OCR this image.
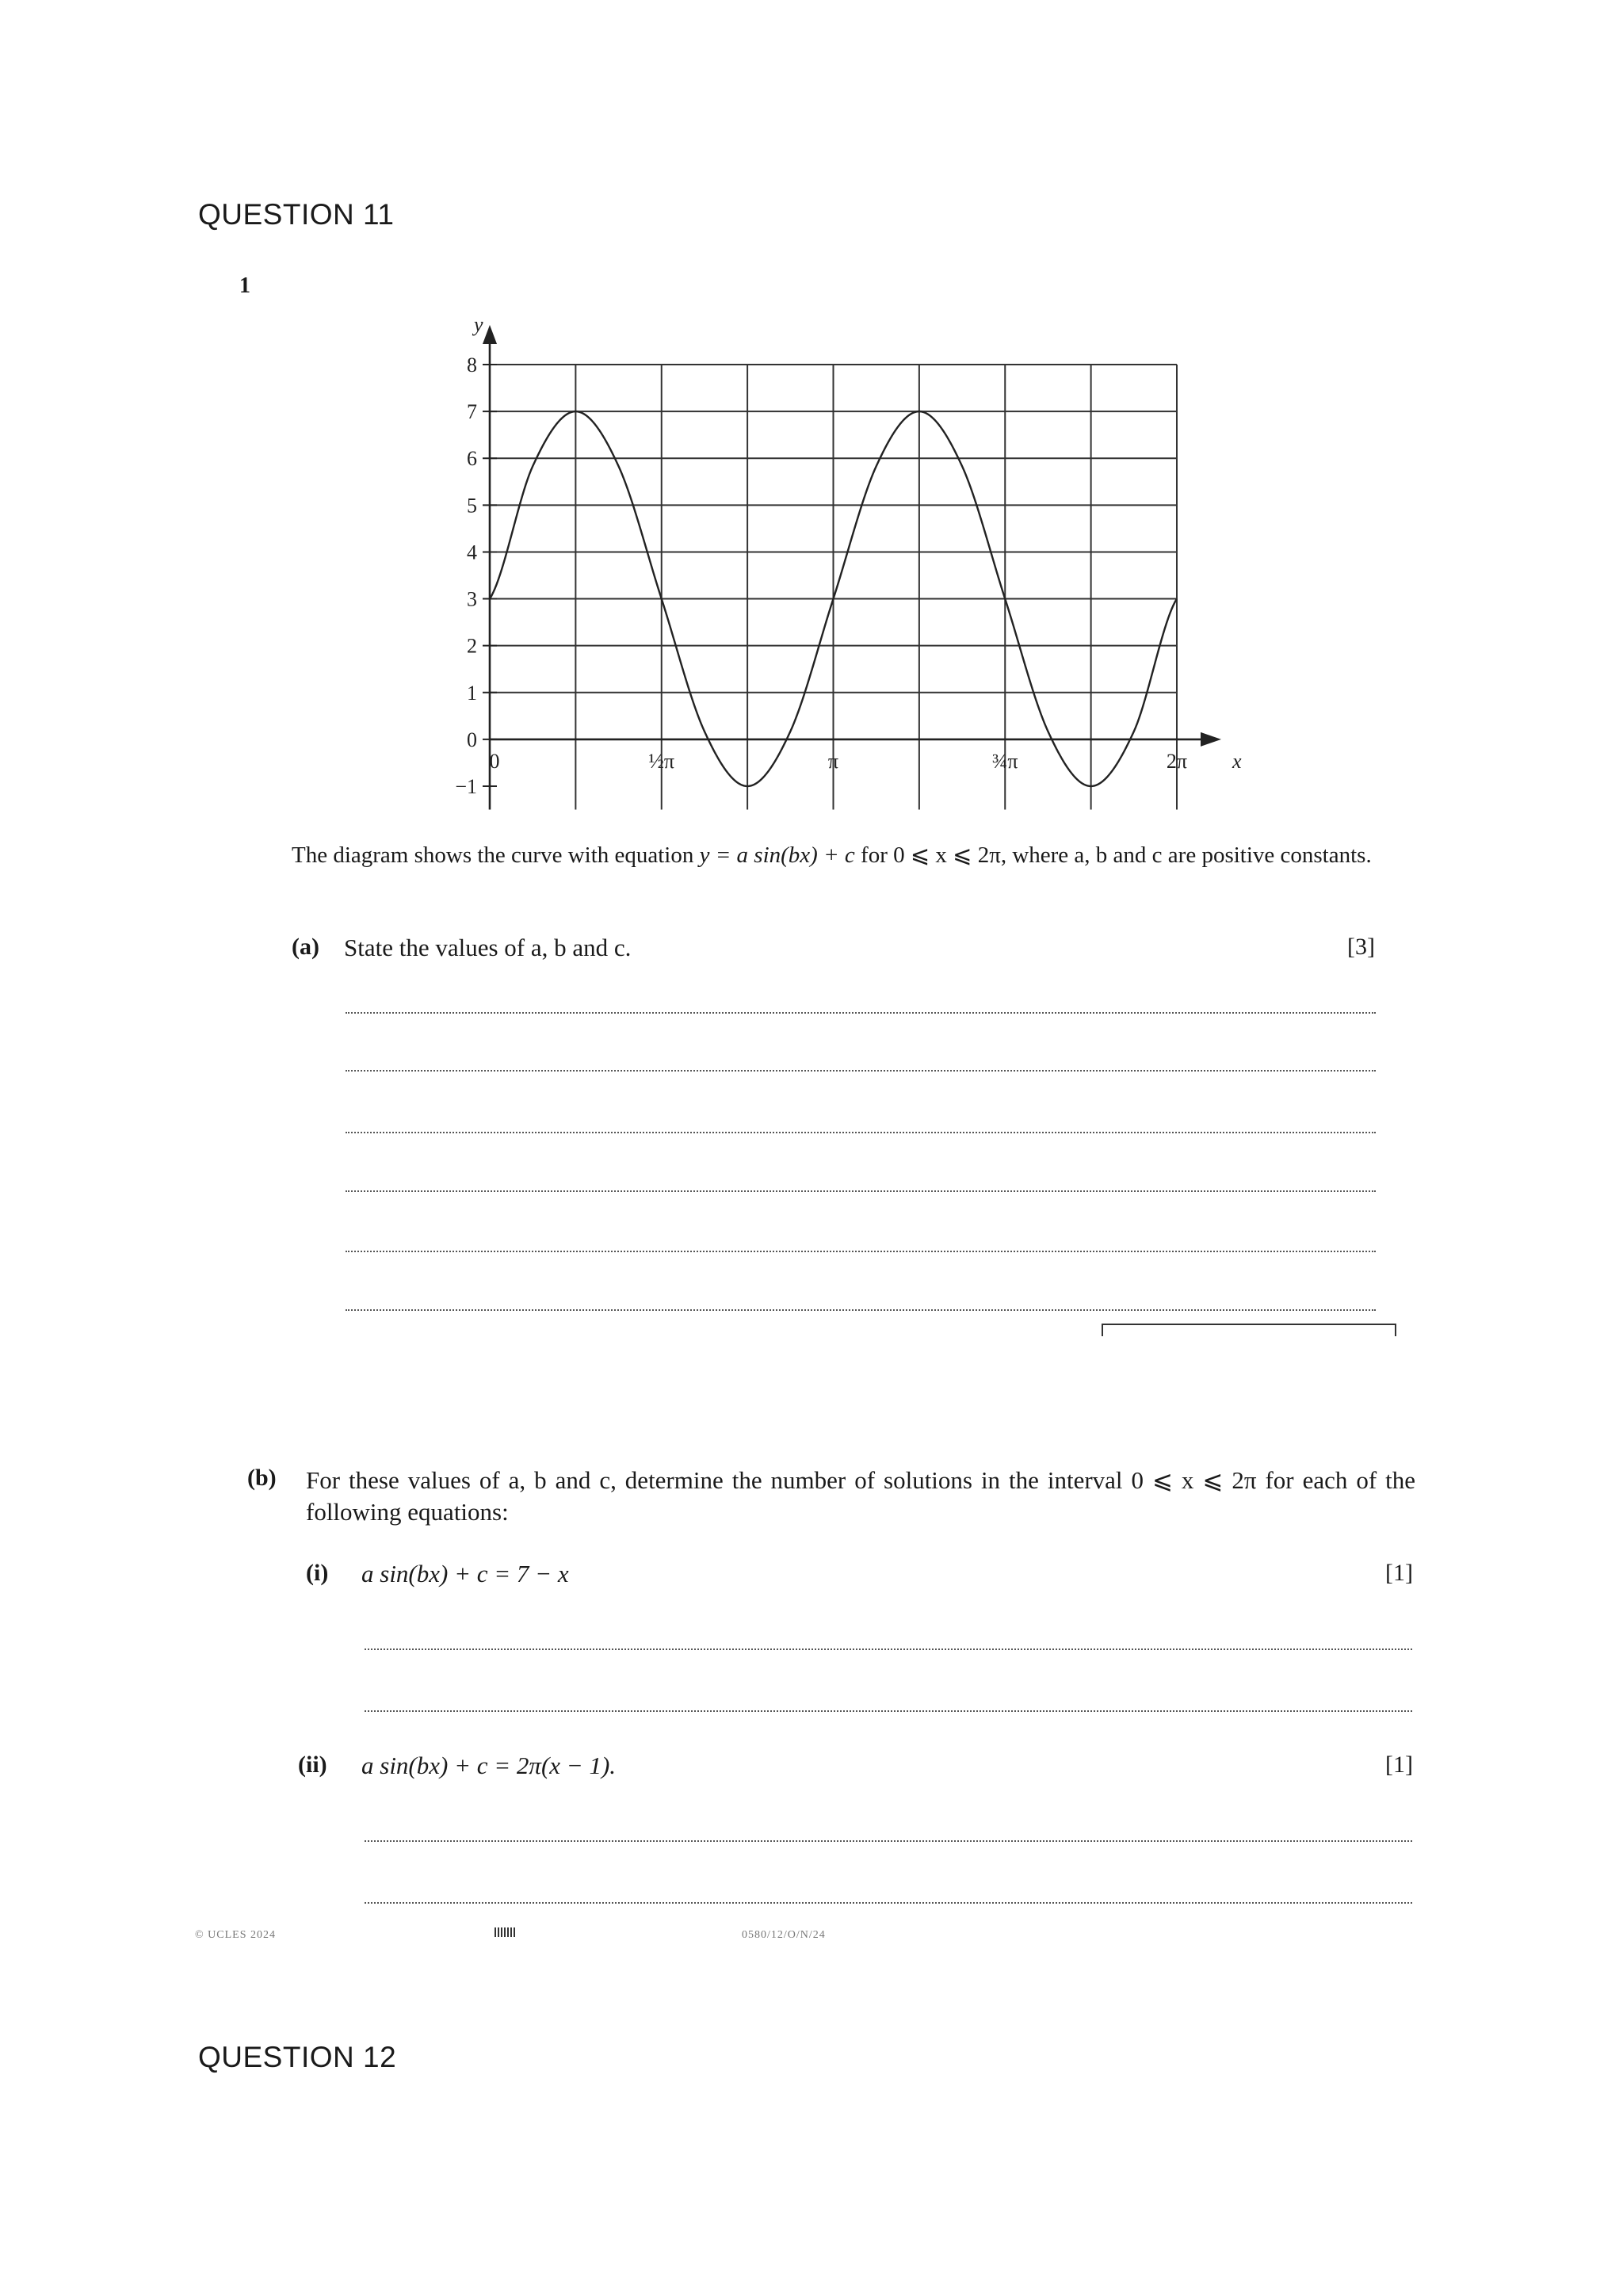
QUESTION 11
1
8
7
6
5
4
3
2
1
0
−1
y
x
0	½π	π	¾π	2π
The diagram shows the curve with equation y = a sin(bx) + c for 0 ⩽ x ⩽ 2π, where a, b and c are positive constants.
(a) State the values of a, b and c.	[3]
(b) For these values of a, b and c, determine the number of solutions in the interval 0 ⩽ x ⩽ 2π for each of the following equations:
(i) a sin(bx) + c = 7 − x	[1]
(ii) a sin(bx) + c = 2π(x − 1).	[1]
© UCLES 2024	0580/12/O/N/24
QUESTION 12
